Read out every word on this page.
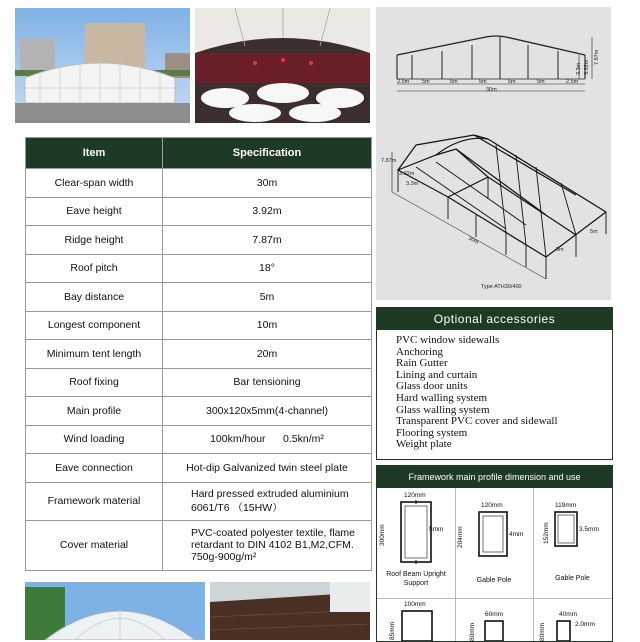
2.5m 5m	5m	5m	5m	5m	2.5m
30m
7.87m
3.3m 3.92m
7.87m
3.92m
3.3m
30m
5m
5m
Type ATH30/400
Item	Specification
Clear-span width	30m
Eave height	3.92m
Ridge height	7.87m
Roof pitch	18°
Bay distance	5m
Longest component	10m
Minimum tent length	20m
Roof fixing	Bar tensioning
Main profile	300x120x5mm(4-channel)
Wind loading	100km/hour      0.5kn/m²
Eave connection	Hot-dip Galvanized twin steel plate
Framework material	Hard pressed extruded aluminium 6061/T6 （15HW）
Cover material	PVC-coated polyester textile, flame retardant to DIN 4102 B1,M2,CFM. 750g-900g/m²
Optional accessories
PVC window sidewalls
Anchoring
Rain Gutter
Lining and curtain
Glass door units
Hard walling system
Glass walling system
Transparent PVC cover and sidewall
Flooring system
Weight plate
Framework main profile dimension and use
120mm
300mm	5mm
Roof Beam Upright Support
120mm
204mm	4mm
Gable Pole
119mm
152mm	3.5mm
Gable Pole
100mm
85mm
60mm
80mm
40mm
80mm	2.0mm
